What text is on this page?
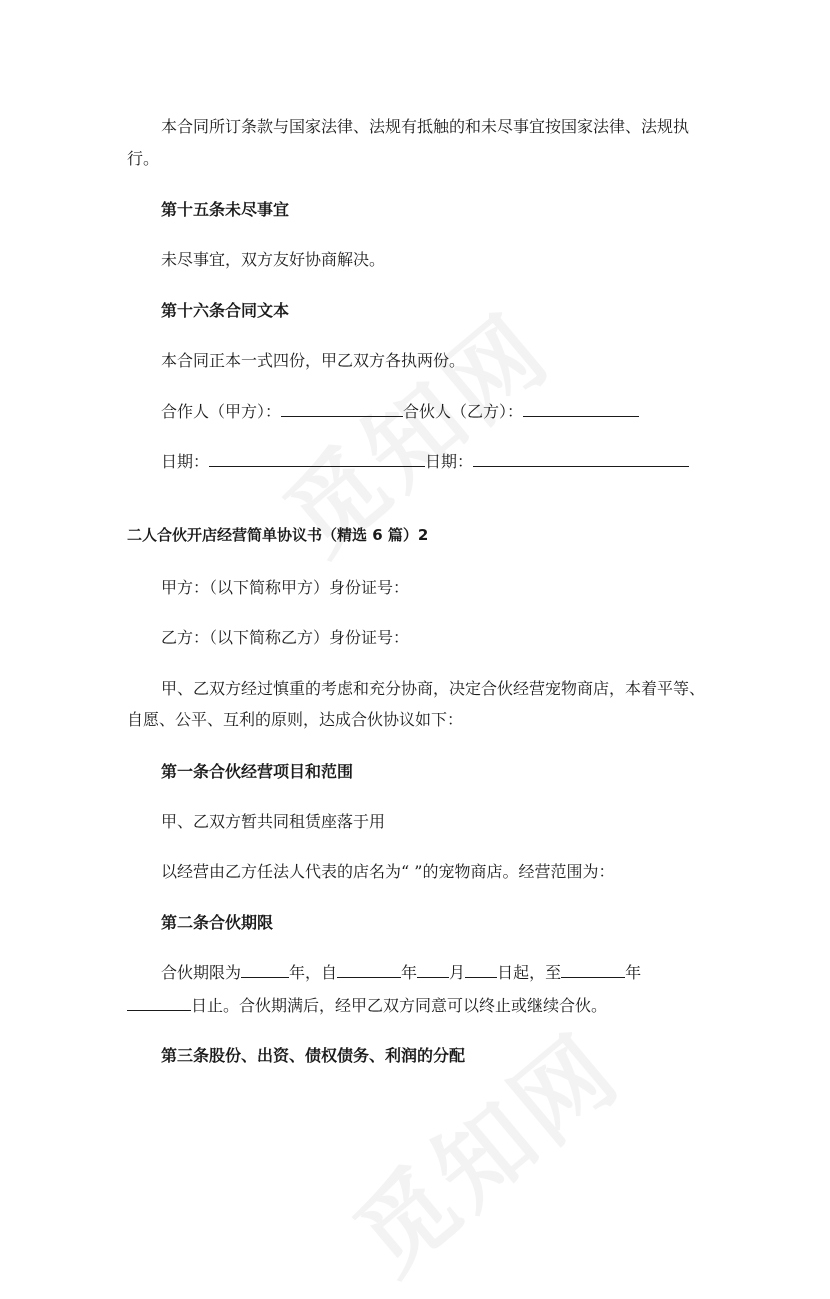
本合同所订条款与国家法律、法规有抵触的和未尽事宜按国家法律、法规执
行。
第十五条未尽事宜
未尽事宜，双方友好协商解决。
第十六条合同文本
本合同正本一式四份，甲乙双方各执两份。
合作人（甲方）：	合伙人（乙方）：
日期：	日期：
二人合伙开店经营简单协议书（精选 6 篇）2
甲方：（以下简称甲方）身份证号：
乙方：（以下简称乙方）身份证号：
甲、乙双方经过慎重的考虑和充分协商，决定合伙经营宠物商店，本着平等、
自愿、公平、互利的原则，达成合伙协议如下：
第一条合伙经营项目和范围
甲、乙双方暂共同租赁座落于用
以经营由乙方任法人代表的店名为“ ”的宠物商店。经营范围为：
第二条合伙期限
合伙期限为	年，自	年 月 日起，至	年
日止。合伙期满后，经甲乙双方同意可以终止或继续合伙。
第三条股份、出资、债权债务、利润的分配
